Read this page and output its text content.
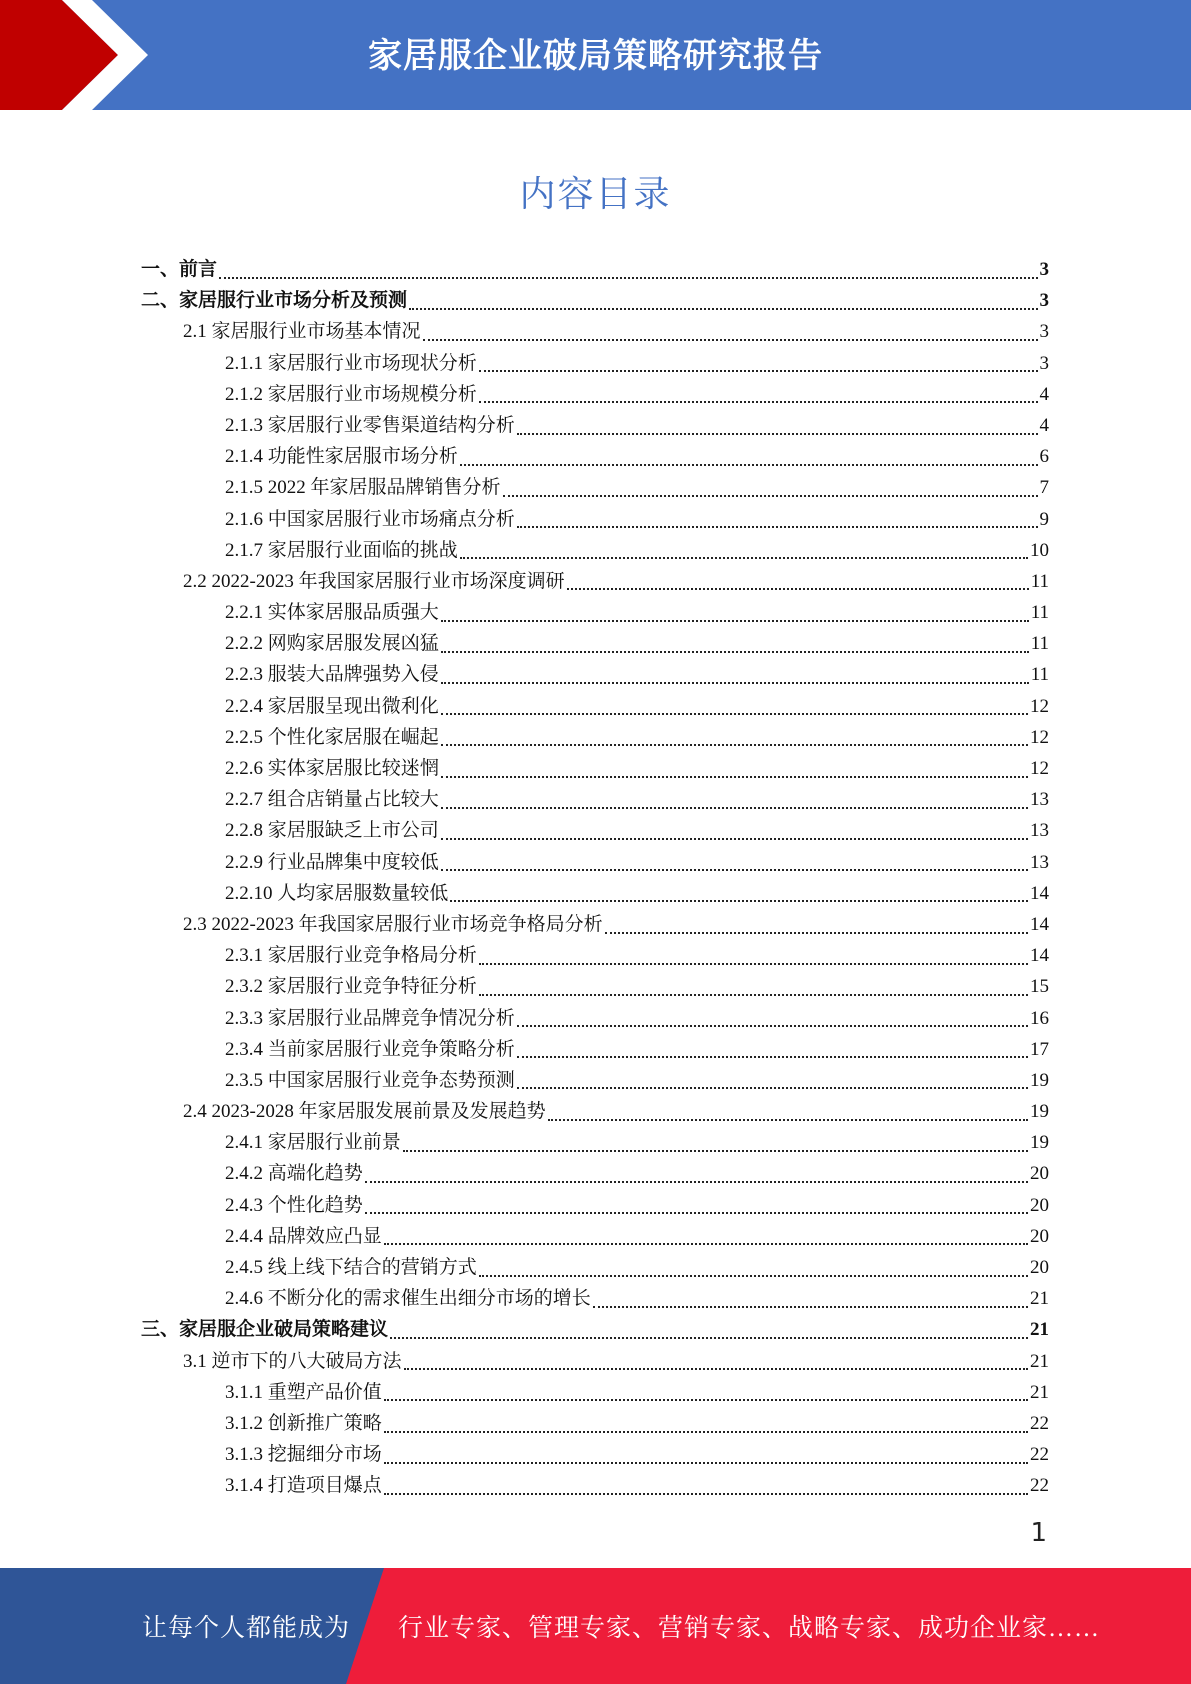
家居服企业破局策略研究报告
内容目录
一、前言	3
二、家居服行业市场分析及预测	3
2.1 家居服行业市场基本情况	3
2.1.1 家居服行业市场现状分析	3
2.1.2 家居服行业市场规模分析	4
2.1.3 家居服行业零售渠道结构分析	4
2.1.4 功能性家居服市场分析	6
2.1.5 2022 年家居服品牌销售分析	7
2.1.6 中国家居服行业市场痛点分析	9
2.1.7 家居服行业面临的挑战	10
2.2 2022-2023 年我国家居服行业市场深度调研	11
2.2.1 实体家居服品质强大	11
2.2.2 网购家居服发展凶猛	11
2.2.3 服装大品牌强势入侵	11
2.2.4 家居服呈现出微利化	12
2.2.5 个性化家居服在崛起	12
2.2.6 实体家居服比较迷惘	12
2.2.7 组合店销量占比较大	13
2.2.8 家居服缺乏上市公司	13
2.2.9 行业品牌集中度较低	13
2.2.10 人均家居服数量较低	14
2.3 2022-2023 年我国家居服行业市场竞争格局分析	14
2.3.1 家居服行业竞争格局分析	14
2.3.2 家居服行业竞争特征分析	15
2.3.3 家居服行业品牌竞争情况分析	16
2.3.4 当前家居服行业竞争策略分析	17
2.3.5 中国家居服行业竞争态势预测	19
2.4 2023-2028 年家居服发展前景及发展趋势	19
2.4.1 家居服行业前景	19
2.4.2 高端化趋势	20
2.4.3 个性化趋势	20
2.4.4 品牌效应凸显	20
2.4.5 线上线下结合的营销方式	20
2.4.6 不断分化的需求催生出细分市场的增长	21
三、家居服企业破局策略建议	21
3.1 逆市下的八大破局方法	21
3.1.1 重塑产品价值	21
3.1.2 创新推广策略	22
3.1.3 挖掘细分市场	22
3.1.4 打造项目爆点	22
1
让每个人都能成为 行业专家、管理专家、营销专家、战略专家、成功企业家……
